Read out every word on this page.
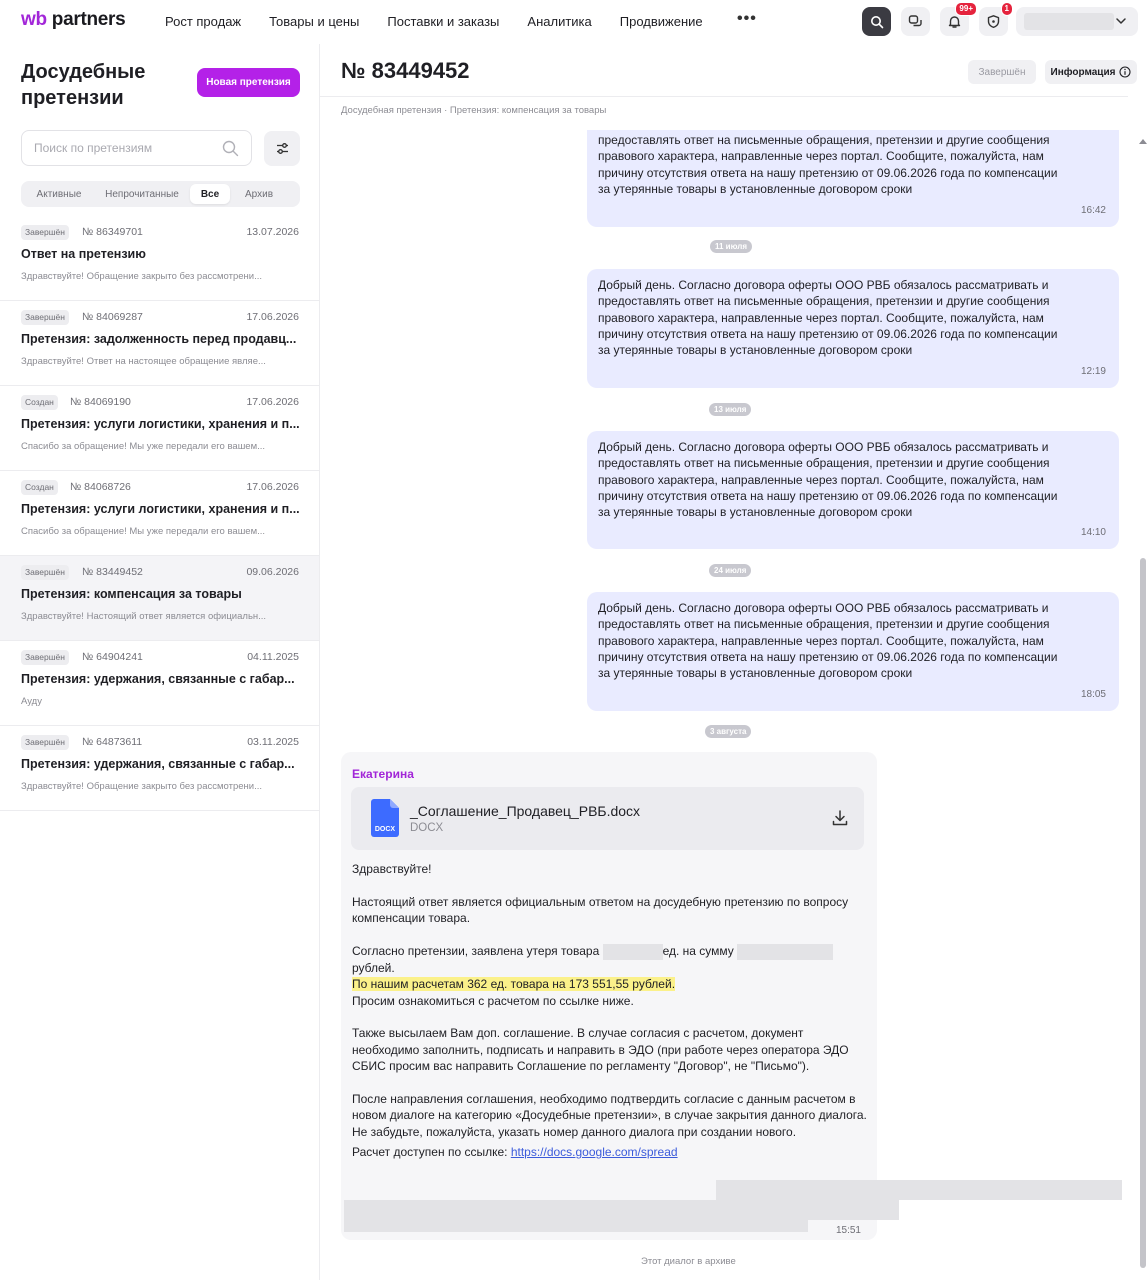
wb partners	Рост продаж Товары и цены Поставки и заказы Аналитика Продвижение •••
99+	1
Досудебные претензии
Новая претензия
Поиск по претензиям
Активные	Непрочитанные	Все	Архив
Завершён	№ 86349701	13.07.2026
Ответ на претензию
Здравствуйте! Обращение закрыто без рассмотрени...
Завершён	№ 84069287	17.06.2026
Претензия: задолженность перед продавц...
Здравствуйте! Ответ на настоящее обращение являе...
Создан	№ 84069190	17.06.2026
Претензия: услуги логистики, хранения и п...
Спасибо за обращение! Мы уже передали его вашем...
Создан	№ 84068726	17.06.2026
Претензия: услуги логистики, хранения и п...
Спасибо за обращение! Мы уже передали его вашем...
Завершён	№ 83449452	09.06.2026
Претензия: компенсация за товары
Здравствуйте! Настоящий ответ является официальн...
Завершён	№ 64904241	04.11.2025
Претензия: удержания, связанные с габар...
Ауду
Завершён	№ 64873611	03.11.2025
Претензия: удержания, связанные с габар...
Здравствуйте! Обращение закрыто без рассмотрени...
№ 83449452	Завершён	Информация
Досудебная претензия · Претензия: компенсация за товары
предоставлять ответ на письменные обращения, претензии и другие сообщения
правового характера, направленные через портал. Сообщите, пожалуйста, нам
причину отсутствия ответа на нашу претензию от 09.06.2026 года по компенсации
за утерянные товары в установленные договором сроки
16:42
11 июля
Добрый день. Согласно договора оферты ООО РВБ обязалось рассматривать и
предоставлять ответ на письменные обращения, претензии и другие сообщения
правового характера, направленные через портал. Сообщите, пожалуйста, нам
причину отсутствия ответа на нашу претензию от 09.06.2026 года по компенсации
за утерянные товары в установленные договором сроки
12:19
13 июля
Добрый день. Согласно договора оферты ООО РВБ обязалось рассматривать и
предоставлять ответ на письменные обращения, претензии и другие сообщения
правового характера, направленные через портал. Сообщите, пожалуйста, нам
причину отсутствия ответа на нашу претензию от 09.06.2026 года по компенсации
за утерянные товары в установленные договором сроки
14:10
24 июля
Добрый день. Согласно договора оферты ООО РВБ обязалось рассматривать и
предоставлять ответ на письменные обращения, претензии и другие сообщения
правового характера, направленные через портал. Сообщите, пожалуйста, нам
причину отсутствия ответа на нашу претензию от 09.06.2026 года по компенсации
за утерянные товары в установленные договором сроки
18:05
3 августа
Екатерина
DOCX
_Соглашение_Продавец_РВБ.docx
DOCX

Здравствуйте!

Настоящий ответ является официальным ответом на досудебную претензию по вопросу компенсации товара.

Согласно претензии, заявлена утеря товара	ед. на сумму
рублей.
По нашим расчетам 362 ед. товара на 173 551,55 рублей.
Просим ознакомиться с расчетом по ссылке ниже.

Также высылаем Вам доп. соглашение. В случае согласия с расчетом, документ необходимо заполнить, подписать и направить в ЭДО (при работе через оператора ЭДО СБИС просим вас направить Соглашение по регламенту "Договор", не "Письмо").

После направления соглашения, необходимо подтвердить согласие с данным расчетом в новом диалоге на категорию «Досудебные претензии», в случае закрытия данного диалога. Не забудьте, пожалуйста, указать номер данного диалога при создании нового.

Расчет доступен по ссылке: https://docs.google.com/spread
15:51
Этот диалог в архиве
